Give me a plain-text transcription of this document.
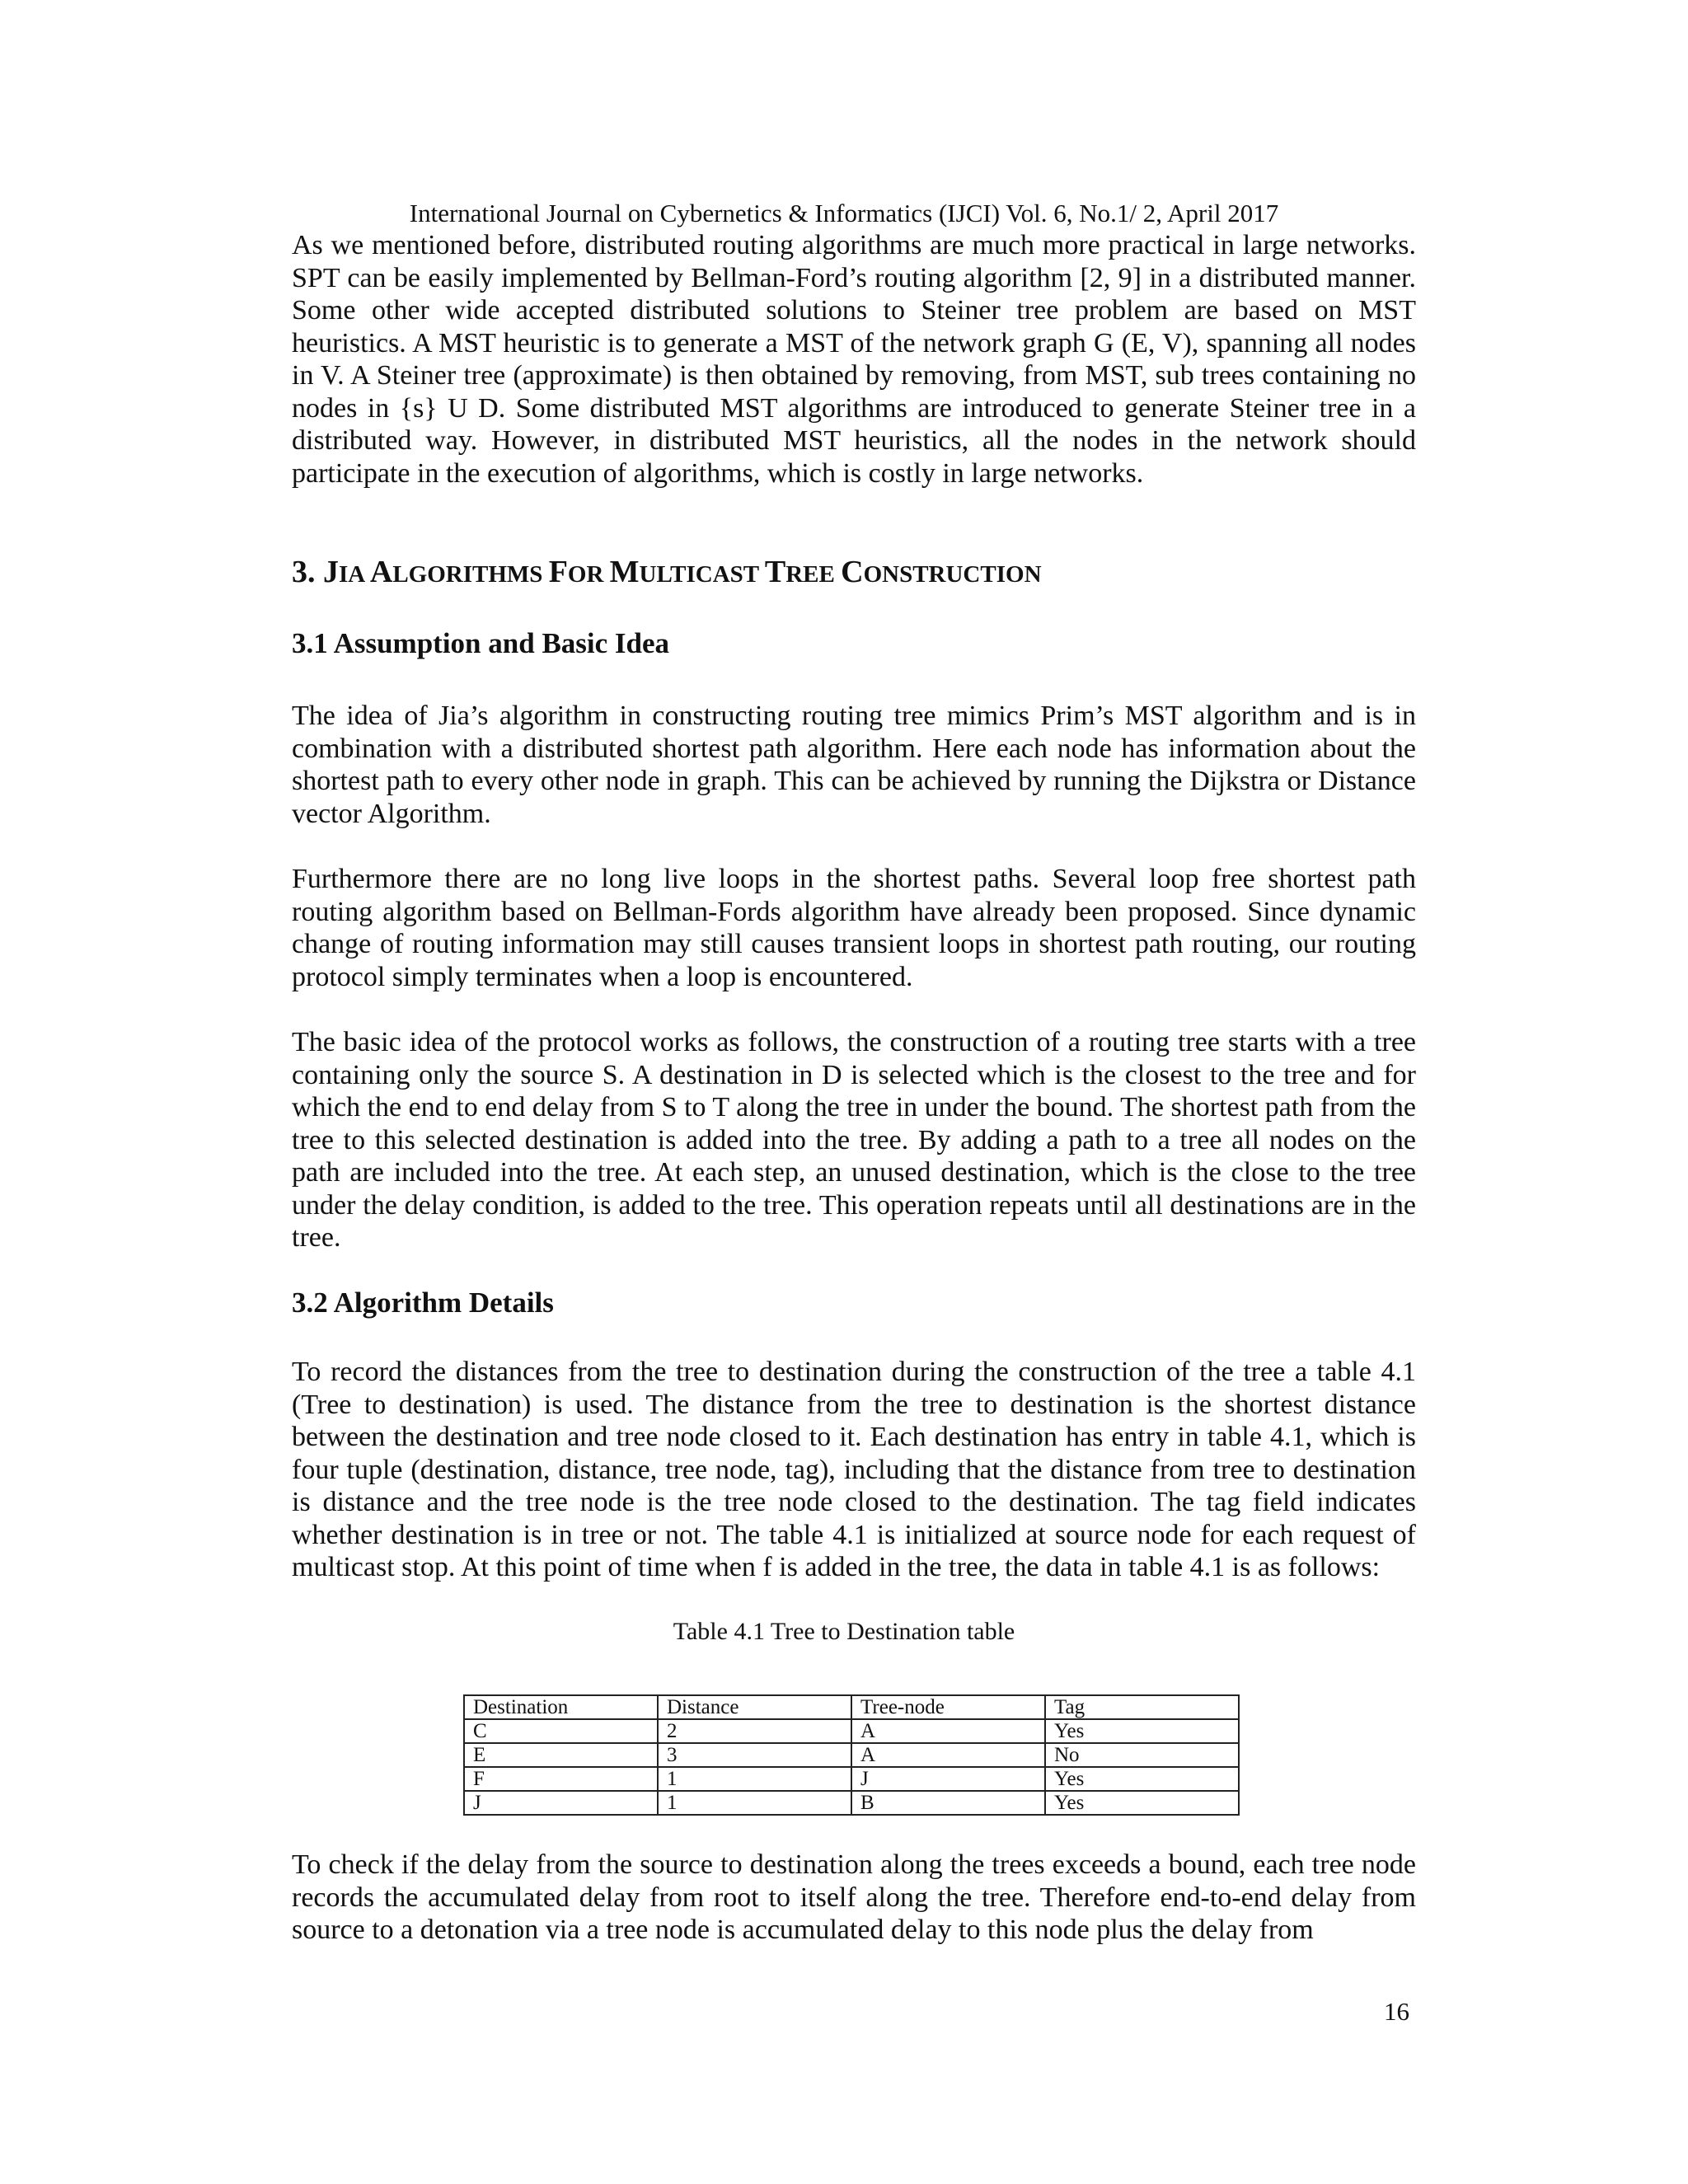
International Journal on Cybernetics & Informatics (IJCI) Vol. 6, No.1/ 2, April 2017

As we mentioned before, distributed routing algorithms are much more practical in large networks. SPT can be easily implemented by Bellman-Ford’s routing algorithm [2, 9] in a distributed manner. Some other wide accepted distributed solutions to Steiner tree problem are based on MST heuristics. A MST heuristic is to generate a MST of the network graph G (E, V), spanning all nodes in V. A Steiner tree (approximate) is then obtained by removing, from MST, sub trees containing no nodes in {s} U D. Some distributed MST algorithms are introduced to generate Steiner tree in a distributed way. However, in distributed MST heuristics, all the nodes in the network should participate in the execution of algorithms, which is costly in large networks.

3. JIA ALGORITHMS FOR MULTICAST TREE CONSTRUCTION
3.1 Assumption and Basic Idea

The idea of Jia’s algorithm in constructing routing tree mimics Prim’s MST algorithm and is in combination with a distributed shortest path algorithm. Here each node has information about the shortest path to every other node in graph. This can be achieved by running the Dijkstra or Distance vector Algorithm.

Furthermore there are no long live loops in the shortest paths. Several loop free shortest path routing algorithm based on Bellman-Fords algorithm have already been proposed. Since dynamic change of routing information may still causes transient loops in shortest path routing, our routing protocol simply terminates when a loop is encountered.

The basic idea of the protocol works as follows, the construction of a routing tree starts with a tree containing only the source S. A destination in D is selected which is the closest to the tree and for which the end to end delay from S to T along the tree in under the bound. The shortest path from the tree to this selected destination is added into the tree. By adding a path to a tree all nodes on the path are included into the tree. At each step, an unused destination, which is the close to the tree under the delay condition, is added to the tree. This operation repeats until all destinations are in the tree.

3.2 Algorithm Details

To record the distances from the tree to destination during the construction of the tree a table 4.1 (Tree to destination) is used. The distance from the tree to destination is the shortest distance between the destination and tree node closed to it. Each destination has entry in table 4.1, which is four tuple (destination, distance, tree node, tag), including that the distance from tree to destination is distance and the tree node is the tree node closed to the destination. The tag field indicates whether destination is in tree or not. The table 4.1 is initialized at source node for each request of multicast stop. At this point of time when f is added in the tree, the data in table 4.1 is as follows:

Table 4.1 Tree to Destination table
Destination	Distance	Tree-node	Tag
C	2	A	Yes
E	3	A	No
F	1	J	Yes
J	1	B	Yes

To check if the delay from the source to destination along the trees exceeds a bound, each tree node records the accumulated delay from root to itself along the tree. Therefore end-to-end delay from source to a detonation via a tree node is accumulated delay to this node plus the delay from

16
